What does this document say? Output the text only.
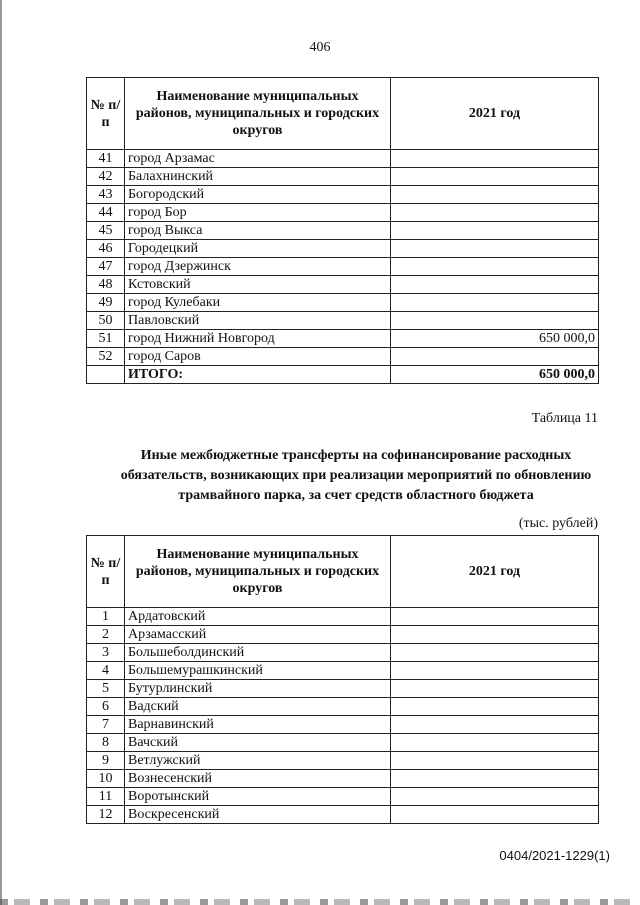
406
№ п/п	Наименование муниципальных районов, муниципальных и городских округов	2021 год
41	город Арзамас	
42	Балахнинский	
43	Богородский	
44	город Бор	
45	город Выкса	
46	Городецкий	
47	город Дзержинск	
48	Кстовский	
49	город Кулебаки	
50	Павловский	
51	город Нижний Новгород	650 000,0
52	город Саров	
	ИТОГО:	650 000,0
Таблица 11
Иные межбюджетные трансферты на софинансирование расходных обязательств, возникающих при реализации мероприятий по обновлению трамвайного парка, за счет средств областного бюджета
(тыс. рублей)
№ п/п	Наименование муниципальных районов, муниципальных и городских округов	2021 год
1	Ардатовский	
2	Арзамасский	
3	Большеболдинский	
4	Большемурашкинский	
5	Бутурлинский	
6	Вадский	
7	Варнавинский	
8	Вачский	
9	Ветлужский	
10	Вознесенский	
11	Воротынский	
12	Воскресенский	
0404/2021-1229(1)
